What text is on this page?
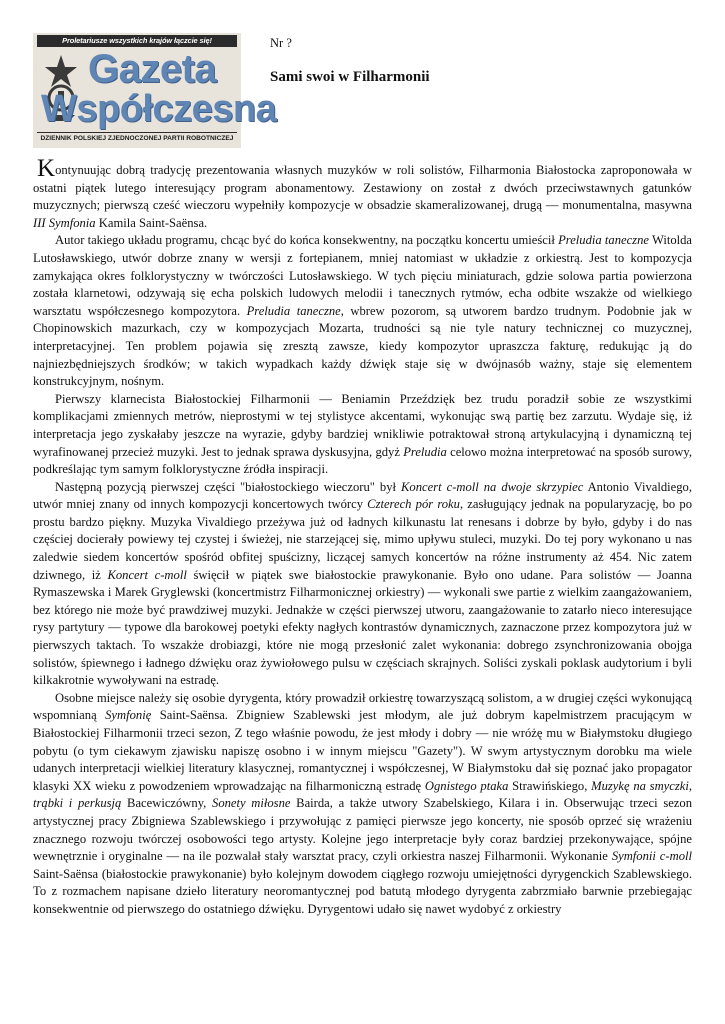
Proletariusze wszystkich krajów łączcie się!
Gazeta
Współczesna
DZIENNIK POLSKIEJ ZJEDNOCZONEJ PARTII ROBOTNICZEJ
Nr ?
Sami swoi w Filharmonii

Kontynuując dobrą tradycję prezentowania własnych muzyków w roli solistów, Filharmonia Białostocka zaproponowała w ostatni piątek lutego interesujący program abonamentowy. Zestawiony on został z dwóch przeciwstawnych gatunków muzycznych; pierwszą cześć wieczoru wypełniły kompozycje w obsadzie skameralizowanej, drugą — monumentalna, masywna III Symfonia Kamila Saint-Saënsa.

Autor takiego układu programu, chcąc być do końca konsekwentny, na początku koncertu umieścił Preludia taneczne Witolda Lutosławskiego, utwór dobrze znany w wersji z fortepianem, mniej natomiast w układzie z orkiestrą. Jest to kompozycja zamykająca okres folklorystyczny w twórczości Lutosławskiego. W tych pięciu miniaturach, gdzie solowa partia powierzona została klarnetowi, odzywają się echa polskich ludowych melodii i tanecznych rytmów, echa odbite wszakże od wielkiego warsztatu współczesnego kompozytora. Preludia taneczne, wbrew pozorom, są utworem bardzo trudnym. Podobnie jak w Chopinowskich mazurkach, czy w kompozycjach Mozarta, trudności są nie tyle natury technicznej co muzycznej, interpretacyjnej. Ten problem pojawia się zresztą zawsze, kiedy kompozytor upraszcza fakturę, redukując ją do najniezbędniejszych środków; w takich wypadkach każdy dźwięk staje się w dwójnasób ważny, staje się elementem konstrukcyjnym, nośnym.

Pierwszy klarnecista Białostockiej Filharmonii — Beniamin Przeździęk bez trudu poradził sobie ze wszystkimi komplikacjami zmiennych metrów, nieprostymi w tej stylistyce akcentami, wykonując swą partię bez zarzutu. Wydaje się, iż interpretacja jego zyskałaby jeszcze na wyrazie, gdyby bardziej wnikliwie potraktował stroną artykulacyjną i dynamiczną tej wyrafinowanej przecież muzyki. Jest to jednak sprawa dyskusyjna, gdyż Preludia celowo można interpretować na sposób surowy, podkreślając tym samym folklorystyczne źródła inspiracji.

Następną pozycją pierwszej części "białostockiego wieczoru" był Koncert c-moll na dwoje skrzypiec Antonio Vivaldiego, utwór mniej znany od innych kompozycji koncertowych twórcy Czterech pór roku, zasługujący jednak na popularyzację, bo po prostu bardzo piękny. Muzyka Vivaldiego przeżywa już od ładnych kilkunastu lat renesans i dobrze by było, gdyby i do nas częściej docierały powiewy tej czystej i świeżej, nie starzejącej się, mimo upływu stuleci, muzyki. Do tej pory wykonano u nas zaledwie siedem koncertów spośród obfitej spuścizny, liczącej samych koncertów na różne instrumenty aż 454. Nic zatem dziwnego, iż Koncert c-moll święcił w piątek swe białostockie prawykonanie. Było ono udane. Para solistów — Joanna Rymaszewska i Marek Gryglewski (koncertmistrz Filharmonicznej orkiestry) — wykonali swe partie z wielkim zaangażowaniem, bez którego nie może być prawdziwej muzyki. Jednakże w części pierwszej utworu, zaangażowanie to zatarło nieco interesujące rysy partytury — typowe dla barokowej poetyki efekty nagłych kontrastów dynamicznych, zaznaczone przez kompozytora już w pierwszych taktach. To wszakże drobiazgi, które nie mogą przesłonić zalet wykonania: dobrego zsynchronizowania obojga solistów, śpiewnego i ładnego dźwięku oraz żywiołowego pulsu w częściach skrajnych. Soliści zyskali poklask audytorium i byli kilkakrotnie wywoływani na estradę.

Osobne miejsce należy się osobie dyrygenta, który prowadził orkiestrę towarzyszącą solistom, a w drugiej części wykonującą wspomnianą Symfonię Saint-Saënsa. Zbigniew Szablewski jest młodym, ale już dobrym kapelmistrzem pracującym w Białostockiej Filharmonii trzeci sezon, Z tego właśnie powodu, że jest młody i dobry — nie wróżę mu w Białymstoku długiego pobytu (o tym ciekawym zjawisku napiszę osobno i w innym miejscu "Gazety"). W swym artystycznym dorobku ma wiele udanych interpretacji wielkiej literatury klasycznej, romantycznej i współczesnej, W Białymstoku dał się poznać jako propagator klasyki XX wieku z powodzeniem wprowadzając na filharmoniczną estradę Ognistego ptaka Strawińskiego, Muzykę na smyczki, trąbki i perkusją Bacewiczówny, Sonety miłosne Bairda, a także utwory Szabelskiego, Kilara i in. Obserwując trzeci sezon artystycznej pracy Zbigniewa Szablewskiego i przywołując z pamięci pierwsze jego koncerty, nie sposób oprzeć się wrażeniu znacznego rozwoju twórczej osobowości tego artysty. Kolejne jego interpretacje były coraz bardziej przekonywające, spójne wewnętrznie i oryginalne — na ile pozwalał stały warsztat pracy, czyli orkiestra naszej Filharmonii. Wykonanie Symfonii c-moll Saint-Saënsa (białostockie prawykonanie) było kolejnym dowodem ciągłego rozwoju umiejętności dyrygenckich Szablewskiego. To z rozmachem napisane dzieło literatury neoromantycznej pod batutą młodego dyrygenta zabrzmiało barwnie przebiegając konsekwentnie od pierwszego do ostatniego dźwięku. Dyrygentowi udało się nawet wydobyć z orkiestry
